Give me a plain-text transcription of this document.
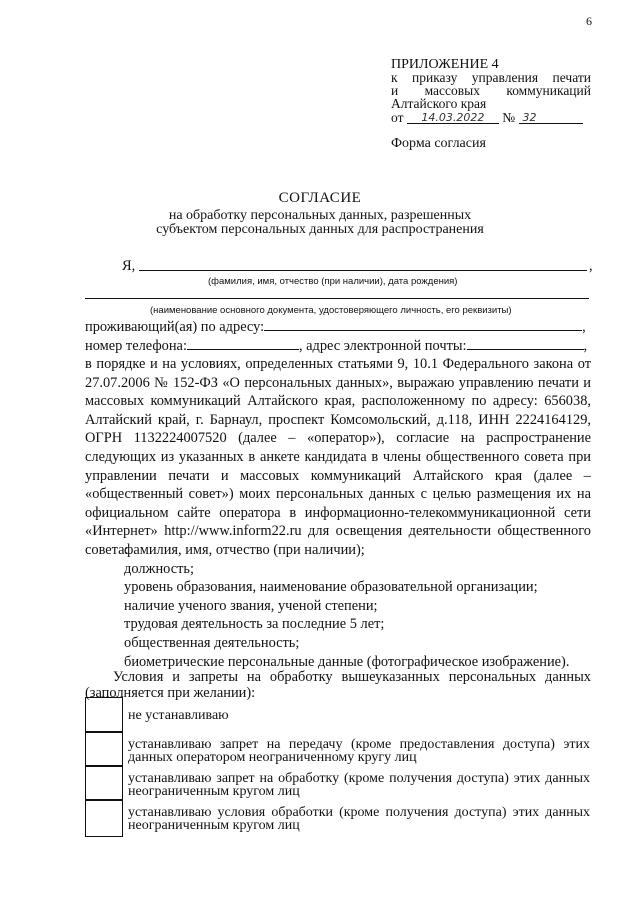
6
ПРИЛОЖЕНИЕ 4
к приказу управления печати
и массовых коммуникаций
Алтайского края
от 14.03.2022 № 32
Форма согласия
СОГЛАСИЕ
на обработку персональных данных, разрешенных
субъектом персональных данных для распространения
Я,	,
(фамилия, имя, отчество (при наличии), дата рождения)
(наименование основного документа, удостоверяющего личность, его реквизиты)
проживающий(ая) по адресу:	,
номер телефона:	, адрес электронной почты:	,

в порядке и на условиях, определенных статьями 9, 10.1 Федерального закона от 27.07.2006 № 152-ФЗ «О персональных данных», выражаю управлению печати и массовых коммуникаций Алтайского края, расположенному по адресу: 656038, Алтайский край, г. Барнаул, проспект Комсомольский, д.118, ИНН 2224164129, ОГРН 1132224007520 (далее – «оператор»), согласие на распространение следующих из указанных в анкете кандидата в члены общественного совета при управлении печати и массовых коммуникаций Алтайского края (далее – «общественный совет») моих персональных данных с целью размещения их на официальном сайте оператора в информационно-телекоммуникационной сети «Интернет» http://www.inform22.ru для освещения деятельности общественного совета:

фамилия, имя, отчество (при наличии);
должность;
уровень образования, наименование образовательной организации;
наличие ученого звания, ученой степени;
трудовая деятельность за последние 5 лет;
общественная деятельность;
биометрические персональные данные (фотографическое изображение).
Условия и запреты на обработку вышеуказанных персональных данных (заполняется при желании):
не устанавливаю
устанавливаю запрет на передачу (кроме предоставления доступа) этих данных оператором неограниченному кругу лиц
устанавливаю запрет на обработку (кроме получения доступа) этих данных неограниченным кругом лиц
устанавливаю условия обработки (кроме получения доступа) этих данных неограниченным кругом лиц
